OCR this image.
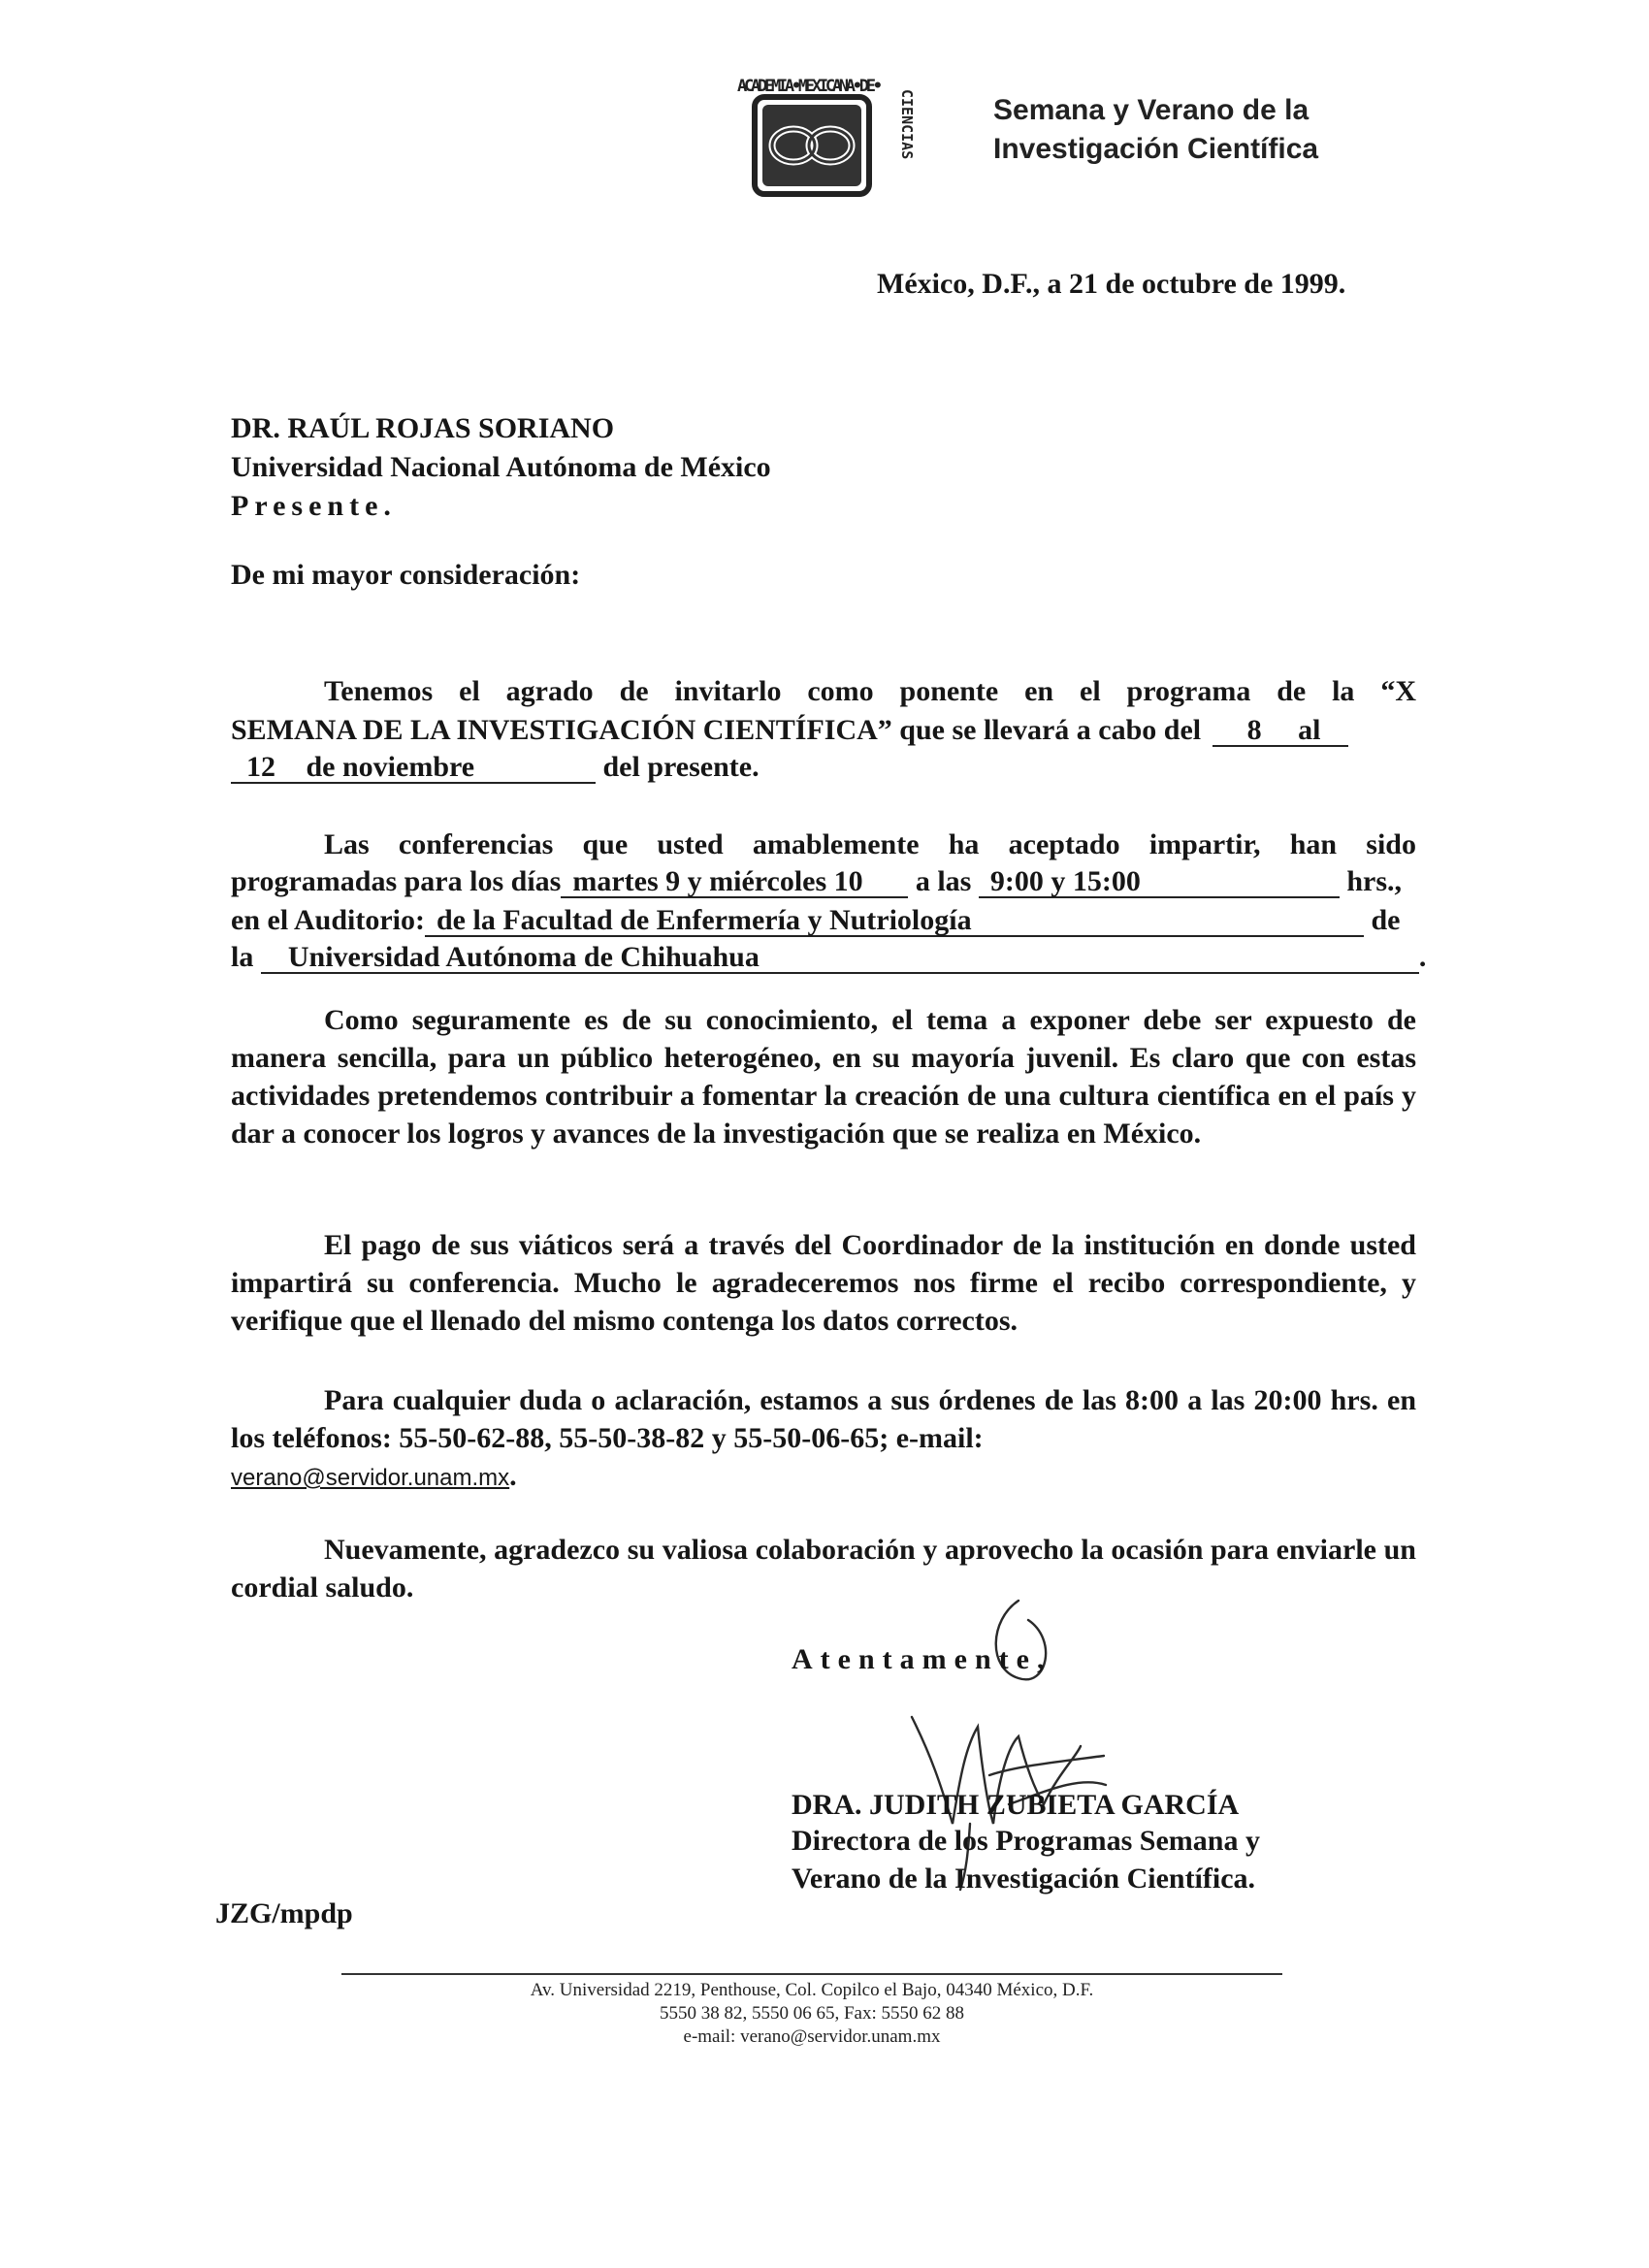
ACADEMIA•MEXICANA•DE•
CIENCIAS	Semana y Verano de la
Investigación Científica
México, D.F., a 21 de octubre de 1999.
DR. RAÚL ROJAS SORIANO
Universidad Nacional Autónoma de México
Presente.
De mi mayor consideración:
Tenemos el agrado de invitarlo como ponente en el programa de la “X
SEMANA DE LA INVESTIGACIÓN CIENTÍFICA” que se llevará a cabo del 8 al
12 de noviembre	del presente.
Las conferencias que usted amablemente ha aceptado impartir, han sido
programadas para los días martes 9 y miércoles 10 a las 9:00 y 15:00	hrs.,
en el Auditorio: de la Facultad de Enfermería y Nutriología	de
la Universidad Autónoma de Chihuahua	.
Como seguramente es de su conocimiento, el tema a exponer debe ser expuesto de manera sencilla, para un público heterogéneo, en su mayoría juvenil. Es claro que con estas actividades pretendemos contribuir a fomentar la creación de una cultura científica en el país y dar a conocer los logros y avances de la investigación que se realiza en México.
El pago de sus viáticos será a través del Coordinador de la institución en donde usted impartirá su conferencia. Mucho le agradeceremos nos firme el recibo correspondiente, y verifique que el llenado del mismo contenga los datos correctos.
Para cualquier duda o aclaración, estamos a sus órdenes de las 8:00 a las 20:00 hrs. en los teléfonos: 55-50-62-88, 55-50-38-82 y 55-50-06-65; e-mail:
verano@servidor.unam.mx.
Nuevamente, agradezco su valiosa colaboración y aprovecho la ocasión para enviarle un cordial saludo.
Atentamente,
DRA. JUDITH ZUBIETA GARCÍA
Directora de los Programas Semana y
Verano de la Investigación Científica.
JZG/mpdp
Av. Universidad 2219, Penthouse, Col. Copilco el Bajo, 04340 México, D.F.
5550 38 82, 5550 06 65, Fax: 5550 62 88
e-mail: verano@servidor.unam.mx
